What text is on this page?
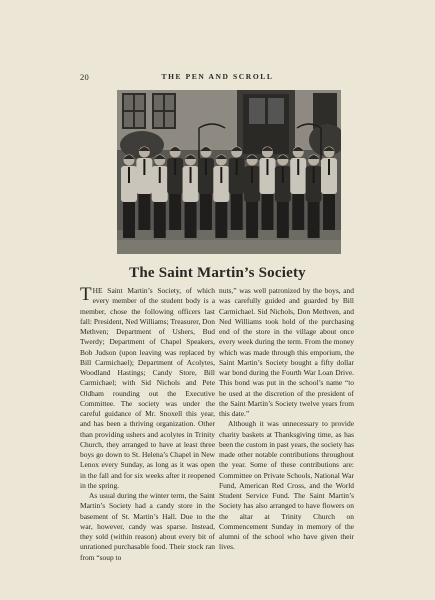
20	THE PEN AND SCROLL
The Saint Martin’s Society

THE Saint Martin’s Society, of which every member of the student body is a member, chose the following officers last fall: President, Ned Williams; Treasurer, Don Methven; Department of Ushers, Bud Twerdy; Department of Chapel Speakers, Bob Judson (upon leaving was replaced by Bill Carmichael); Department of Acolytes, Woodland Hastings; Candy Store, Bill Carmichael; with Sid Nichols and Pete Oldham rounding out the Executive Committee. The society was under the careful guidance of Mr. Snoxell this year, and has been a thriving organization. Other than providing ushers and acolytes in Trinity Church, they arranged to have at least three boys go down to St. Helena’s Chapel in New Lenox every Sunday, as long as it was open in the fall and for six weeks after it reopened in the spring.

As usual during the winter term, the Saint Martin’s Society had a candy store in the basement of St. Martin’s Hall. Due to the war, however, candy was sparse. Instead, they sold (within reason) about every bit of unrationed purchasable food. Their stock ran from “soup to

nuts,” was well patronized by the boys, and was carefully guided and guarded by Bill Carmichael. Sid Nichols, Don Methven, and Ned Williams took hold of the purchasing end of the store in the village about once every week during the term. From the money which was made through this emporium, the Saint Martin’s Society bought a fifty dollar war bond during the Fourth War Loan Drive. This bond was put in the school’s name “to be used at the discretion of the president of the Saint Martin’s Society twelve years from this date.”

Although it was unnecessary to provide charity baskets at Thanksgiving time, as has been the custom in past years, the society has made other notable contributions throughout the year. Some of these contributions are: Committee on Private Schools, National War Fund, American Red Cross, and the World Student Service Fund. The Saint Martin’s Society has also arranged to have flowers on the altar at Trinity Church on Commencement Sunday in memory of the alumni of the school who have given their lives.
